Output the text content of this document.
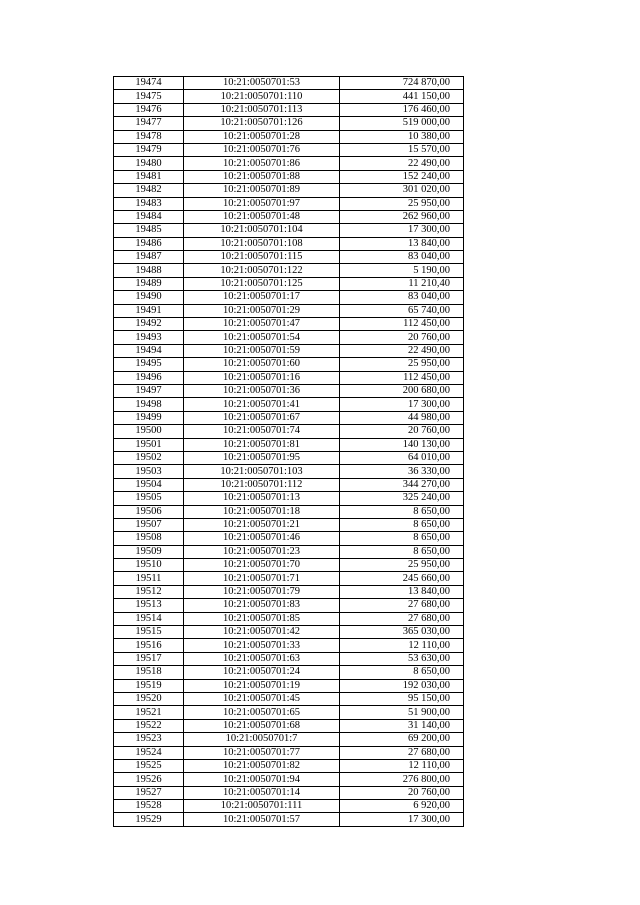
19474	10:21:0050701:53	724 870,00
19475	10:21:0050701:110	441 150,00
19476	10:21:0050701:113	176 460,00
19477	10:21:0050701:126	519 000,00
19478	10:21:0050701:28	10 380,00
19479	10:21:0050701:76	15 570,00
19480	10:21:0050701:86	22 490,00
19481	10:21:0050701:88	152 240,00
19482	10:21:0050701:89	301 020,00
19483	10:21:0050701:97	25 950,00
19484	10:21:0050701:48	262 960,00
19485	10:21:0050701:104	17 300,00
19486	10:21:0050701:108	13 840,00
19487	10:21:0050701:115	83 040,00
19488	10:21:0050701:122	5 190,00
19489	10:21:0050701:125	11 210,40
19490	10:21:0050701:17	83 040,00
19491	10:21:0050701:29	65 740,00
19492	10:21:0050701:47	112 450,00
19493	10:21:0050701:54	20 760,00
19494	10:21:0050701:59	22 490,00
19495	10:21:0050701:60	25 950,00
19496	10:21:0050701:16	112 450,00
19497	10:21:0050701:36	200 680,00
19498	10:21:0050701:41	17 300,00
19499	10:21:0050701:67	44 980,00
19500	10:21:0050701:74	20 760,00
19501	10:21:0050701:81	140 130,00
19502	10:21:0050701:95	64 010,00
19503	10:21:0050701:103	36 330,00
19504	10:21:0050701:112	344 270,00
19505	10:21:0050701:13	325 240,00
19506	10:21:0050701:18	8 650,00
19507	10:21:0050701:21	8 650,00
19508	10:21:0050701:46	8 650,00
19509	10:21:0050701:23	8 650,00
19510	10:21:0050701:70	25 950,00
19511	10:21:0050701:71	245 660,00
19512	10:21:0050701:79	13 840,00
19513	10:21:0050701:83	27 680,00
19514	10:21:0050701:85	27 680,00
19515	10:21:0050701:42	365 030,00
19516	10:21:0050701:33	12 110,00
19517	10:21:0050701:63	53 630,00
19518	10:21:0050701:24	8 650,00
19519	10:21:0050701:19	192 030,00
19520	10:21:0050701:45	95 150,00
19521	10:21:0050701:65	51 900,00
19522	10:21:0050701:68	31 140,00
19523	10:21:0050701:7	69 200,00
19524	10:21:0050701:77	27 680,00
19525	10:21:0050701:82	12 110,00
19526	10:21:0050701:94	276 800,00
19527	10:21:0050701:14	20 760,00
19528	10:21:0050701:111	6 920,00
19529	10:21:0050701:57	17 300,00
